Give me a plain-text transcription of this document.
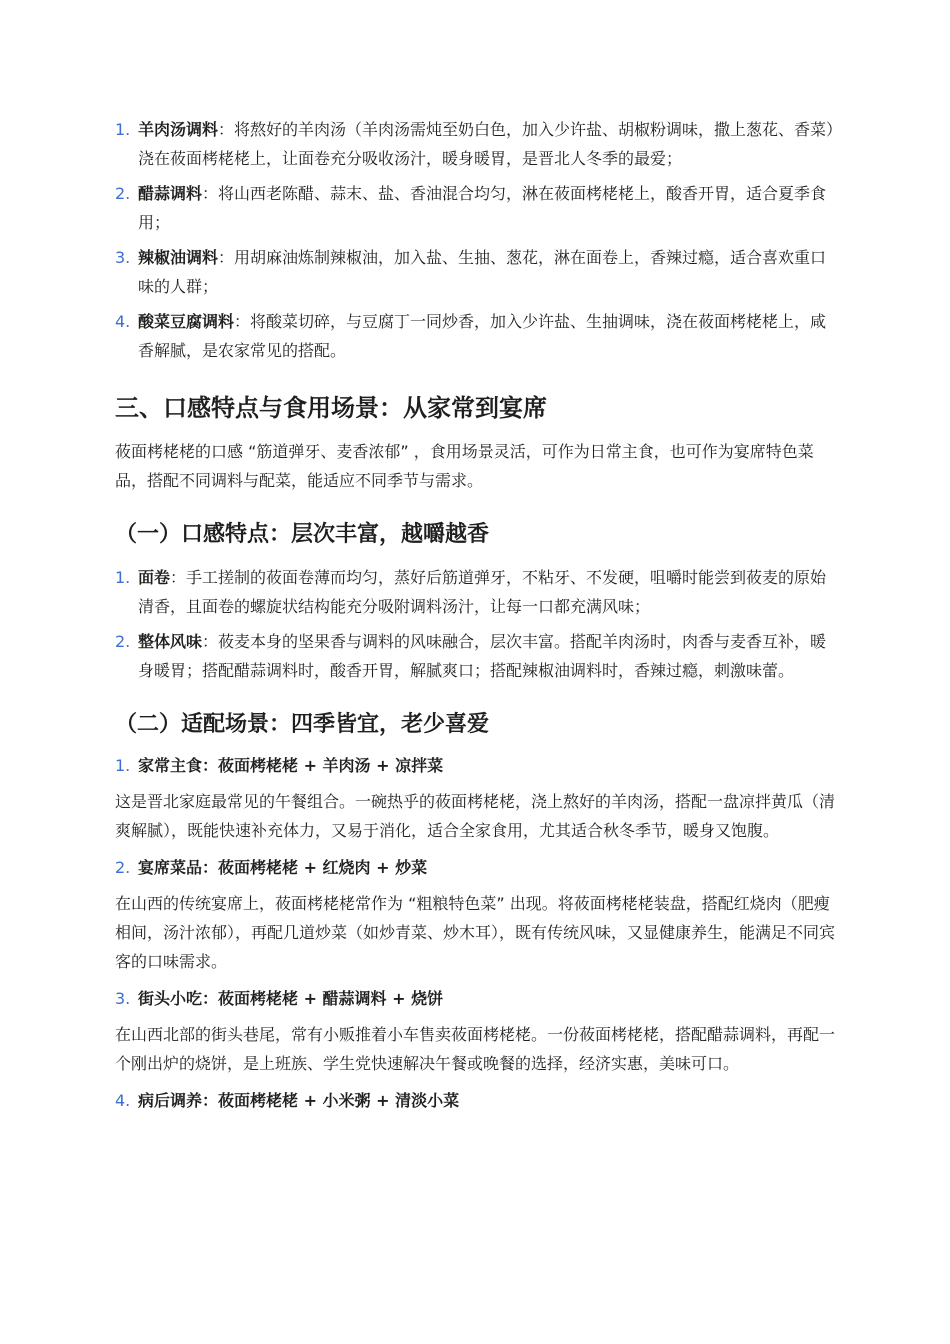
1. 羊肉汤调料：将熬好的羊肉汤（羊肉汤需炖至奶白色，加入少许盐、胡椒粉调味，撒上葱花、香菜）浇在莜面栲栳栳上，让面卷充分吸收汤汁，暖身暖胃，是晋北人冬季的最爱；
2. 醋蒜调料：将山西老陈醋、蒜末、盐、香油混合均匀，淋在莜面栲栳栳上，酸香开胃，适合夏季食用；
3. 辣椒油调料：用胡麻油炼制辣椒油，加入盐、生抽、葱花，淋在面卷上，香辣过瘾，适合喜欢重口味的人群；
4. 酸菜豆腐调料：将酸菜切碎，与豆腐丁一同炒香，加入少许盐、生抽调味，浇在莜面栲栳栳上，咸香解腻，是农家常见的搭配。
三、口感特点与食用场景：从家常到宴席

莜面栲栳栳的口感 “筋道弹牙、麦香浓郁” ，食用场景灵活，可作为日常主食，也可作为宴席特色菜品，搭配不同调料与配菜，能适应不同季节与需求。

（一）口感特点：层次丰富，越嚼越香
1. 面卷：手工搓制的莜面卷薄而均匀，蒸好后筋道弹牙，不粘牙、不发硬，咀嚼时能尝到莜麦的原始清香，且面卷的螺旋状结构能充分吸附调料汤汁，让每一口都充满风味；
2. 整体风味：莜麦本身的坚果香与调料的风味融合，层次丰富。搭配羊肉汤时，肉香与麦香互补，暖身暖胃；搭配醋蒜调料时，酸香开胃，解腻爽口；搭配辣椒油调料时，香辣过瘾，刺激味蕾。
（二）适配场景：四季皆宜，老少喜爱
1. 家常主食：莜面栲栳栳 + 羊肉汤 + 凉拌菜

这是晋北家庭最常见的午餐组合。一碗热乎的莜面栲栳栳，浇上熬好的羊肉汤，搭配一盘凉拌黄瓜（清爽解腻），既能快速补充体力，又易于消化，适合全家食用，尤其适合秋冬季节，暖身又饱腹。

2. 宴席菜品：莜面栲栳栳 + 红烧肉 + 炒菜

在山西的传统宴席上，莜面栲栳栳常作为 “粗粮特色菜” 出现。将莜面栲栳栳装盘，搭配红烧肉（肥瘦相间，汤汁浓郁），再配几道炒菜（如炒青菜、炒木耳），既有传统风味，又显健康养生，能满足不同宾客的口味需求。

3. 街头小吃：莜面栲栳栳 + 醋蒜调料 + 烧饼

在山西北部的街头巷尾，常有小贩推着小车售卖莜面栲栳栳。一份莜面栲栳栳，搭配醋蒜调料，再配一个刚出炉的烧饼，是上班族、学生党快速解决午餐或晚餐的选择，经济实惠，美味可口。

4. 病后调养：莜面栲栳栳 + 小米粥 + 清淡小菜
